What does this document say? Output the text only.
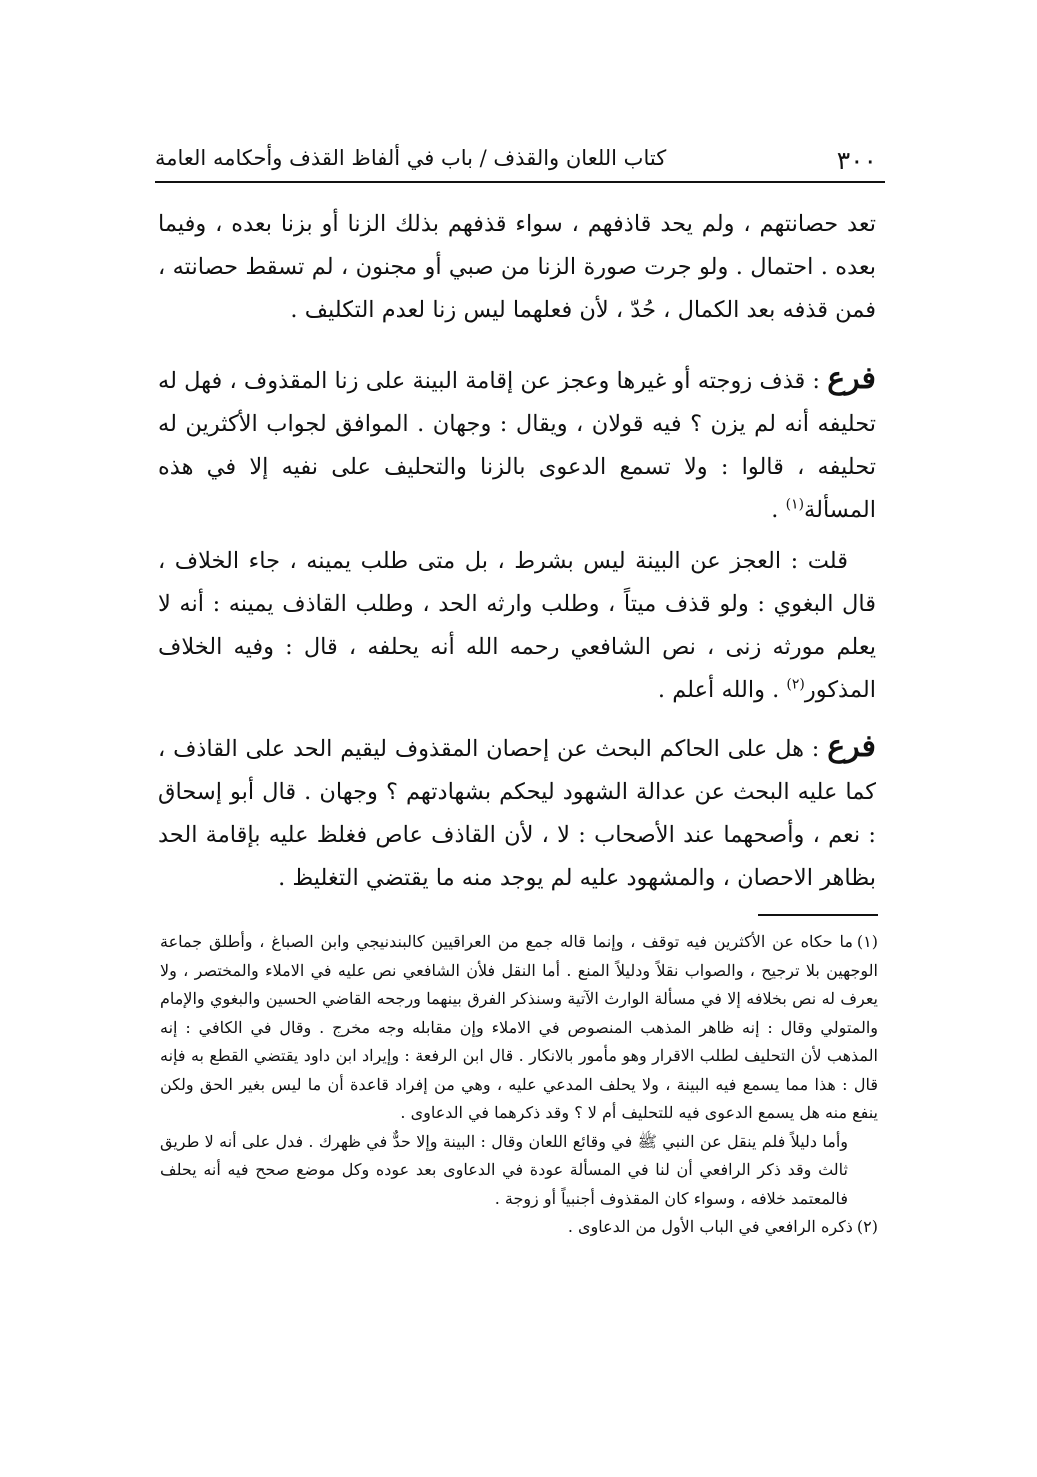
٣٠٠
كتاب اللعان والقذف / باب في ألفاظ القذف وأحكامه العامة

تعد حصانتهم ، ولم يحد قاذفهم ، سواء قذفهم بذلك الزنا أو بزنا بعده ، وفيما بعده . احتمال . ولو جرت صورة الزنا من صبي أو مجنون ، لم تسقط حصانته ، فمن قذفه بعد الكمال ، حُدّ ، لأن فعلهما ليس زنا لعدم التكليف .

فرع : قذف زوجته أو غيرها وعجز عن إقامة البينة على زنا المقذوف ، فهل له تحليفه أنه لم يزن ؟ فيه قولان ، ويقال : وجهان . الموافق لجواب الأكثرين له تحليفه ، قالوا : ولا تسمع الدعوى بالزنا والتحليف على نفيه إلا في هذه المسألة$^{(١)}$ .

قلت : العجز عن البينة ليس بشرط ، بل متى طلب يمينه ، جاء الخلاف ، قال البغوي : ولو قذف ميتاً ، وطلب وارثه الحد ، وطلب القاذف يمينه : أنه لا يعلم مورثه زنى ، نص الشافعي رحمه الله أنه يحلفه ، قال : وفيه الخلاف المذكور$^{(٢)}$ . والله أعلم .

فرع : هل على الحاكم البحث عن إحصان المقذوف ليقيم الحد على القاذف ، كما عليه البحث عن عدالة الشهود ليحكم بشهادتهم ؟ وجهان . قال أبو إسحاق : نعم ، وأصحهما عند الأصحاب : لا ، لأن القاذف عاص فغلظ عليه بإقامة الحد بظاهر الاحصان ، والمشهود عليه لم يوجد منه ما يقتضي التغليظ .

(١)ما حكاه عن الأكثرين فيه توقف ، وإنما قاله جمع من العراقيين كالبندنيجي وابن الصباغ ، وأطلق جماعة الوجهين بلا ترجيح ، والصواب نقلاً ودليلاً المنع . أما النقل فلأن الشافعي نص عليه في الاملاء والمختصر ، ولا يعرف له نص بخلافه إلا في مسألة الوارث الآتية وسنذكر الفرق بينهما ورجحه القاضي الحسين والبغوي والإمام والمتولي وقال : إنه ظاهر المذهب المنصوص في الاملاء وإن مقابله وجه مخرج . وقال في الكافي : إنه المذهب لأن التحليف لطلب الاقرار وهو مأمور بالانكار . قال ابن الرفعة : وإيراد ابن داود يقتضي القطع به فإنه قال : هذا مما يسمع فيه البينة ، ولا يحلف المدعي عليه ، وهي من إفراد قاعدة أن ما ليس بغير الحق ولكن ينفع منه هل يسمع الدعوى فيه للتحليف أم لا ؟ وقد ذكرهما في الدعاوى .

وأما دليلاً فلم ينقل عن النبي ﷺ في وقائع اللعان وقال : البينة وإلا حدٌّ في ظهرك . فدل على أنه لا طريق ثالث وقد ذكر الرافعي أن لنا في المسألة عودة في الدعاوى بعد عوده وكل موضع صحح فيه أنه يحلف فالمعتمد خلافه ، وسواء كان المقذوف أجنبياً أو زوجة .

(٢)ذكره الرافعي في الباب الأول من الدعاوى .
